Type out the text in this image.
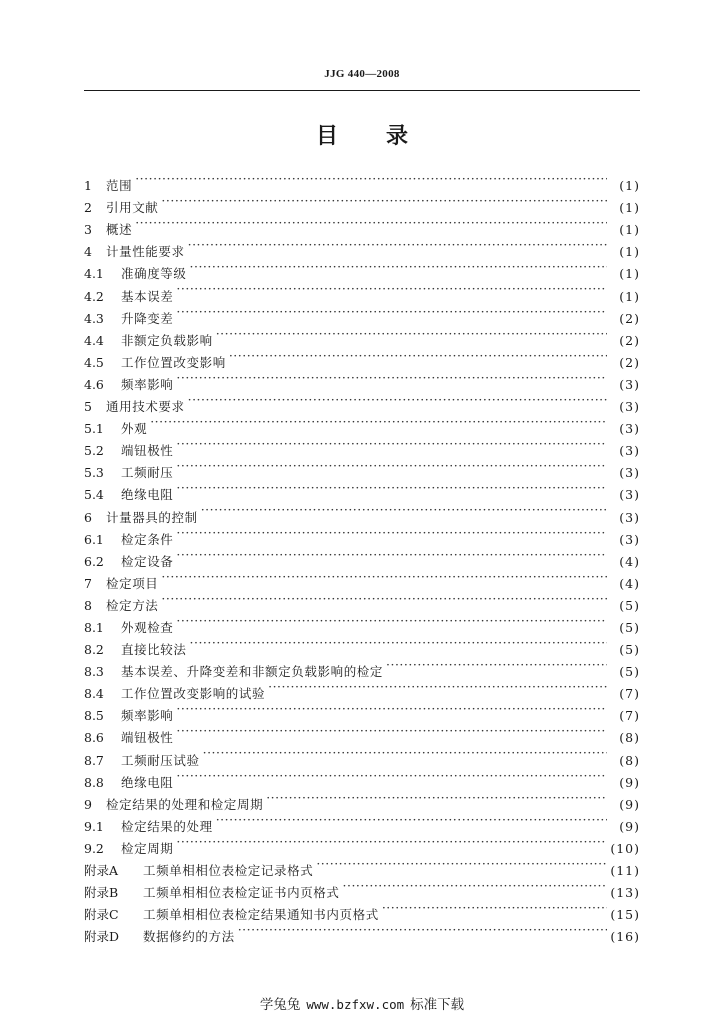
JJG 440—2008
目录
1	范围 ·····	(1)
2	引用文献 ·····	(1)
3	概述 ·····	(1)
4	计量性能要求 ·····	(1)
4.1	准确度等级 ·····	(1)
4.2	基本误差 ·····	(1)
4.3	升降变差 ·····	(2)
4.4	非额定负载影响 ·····	(2)
4.5	工作位置改变影响 ·····	(2)
4.6	频率影响 ·····	(3)
5	通用技术要求 ·····	(3)
5.1	外观 ·····	(3)
5.2	端钮极性 ·····	(3)
5.3	工频耐压 ·····	(3)
5.4	绝缘电阻 ·····	(3)
6	计量器具的控制 ·····	(3)
6.1	检定条件 ·····	(3)
6.2	检定设备 ·····	(4)
7	检定项目 ·····	(4)
8	检定方法 ·····	(5)
8.1	外观检查 ·····	(5)
8.2	直接比较法 ·····	(5)
8.3	基本误差、升降变差和非额定负载影响的检定 ·····	(5)
8.4	工作位置改变影响的试验 ·····	(7)
8.5	频率影响 ·····	(7)
8.6	端钮极性 ·····	(8)
8.7	工频耐压试验 ·····	(8)
8.8	绝缘电阻 ·····	(9)
9	检定结果的处理和检定周期 ·····	(9)
9.1	检定结果的处理 ·····	(9)
9.2	检定周期 ·····	(10)
附录A	工频单相相位表检定记录格式 ·····	(11)
附录B	工频单相相位表检定证书内页格式 ·····	(13)
附录C	工频单相相位表检定结果通知书内页格式 ·····	(15)
附录D	数据修约的方法 ·····	(16)
学兔兔 www.bzfxw.com 标准下载
